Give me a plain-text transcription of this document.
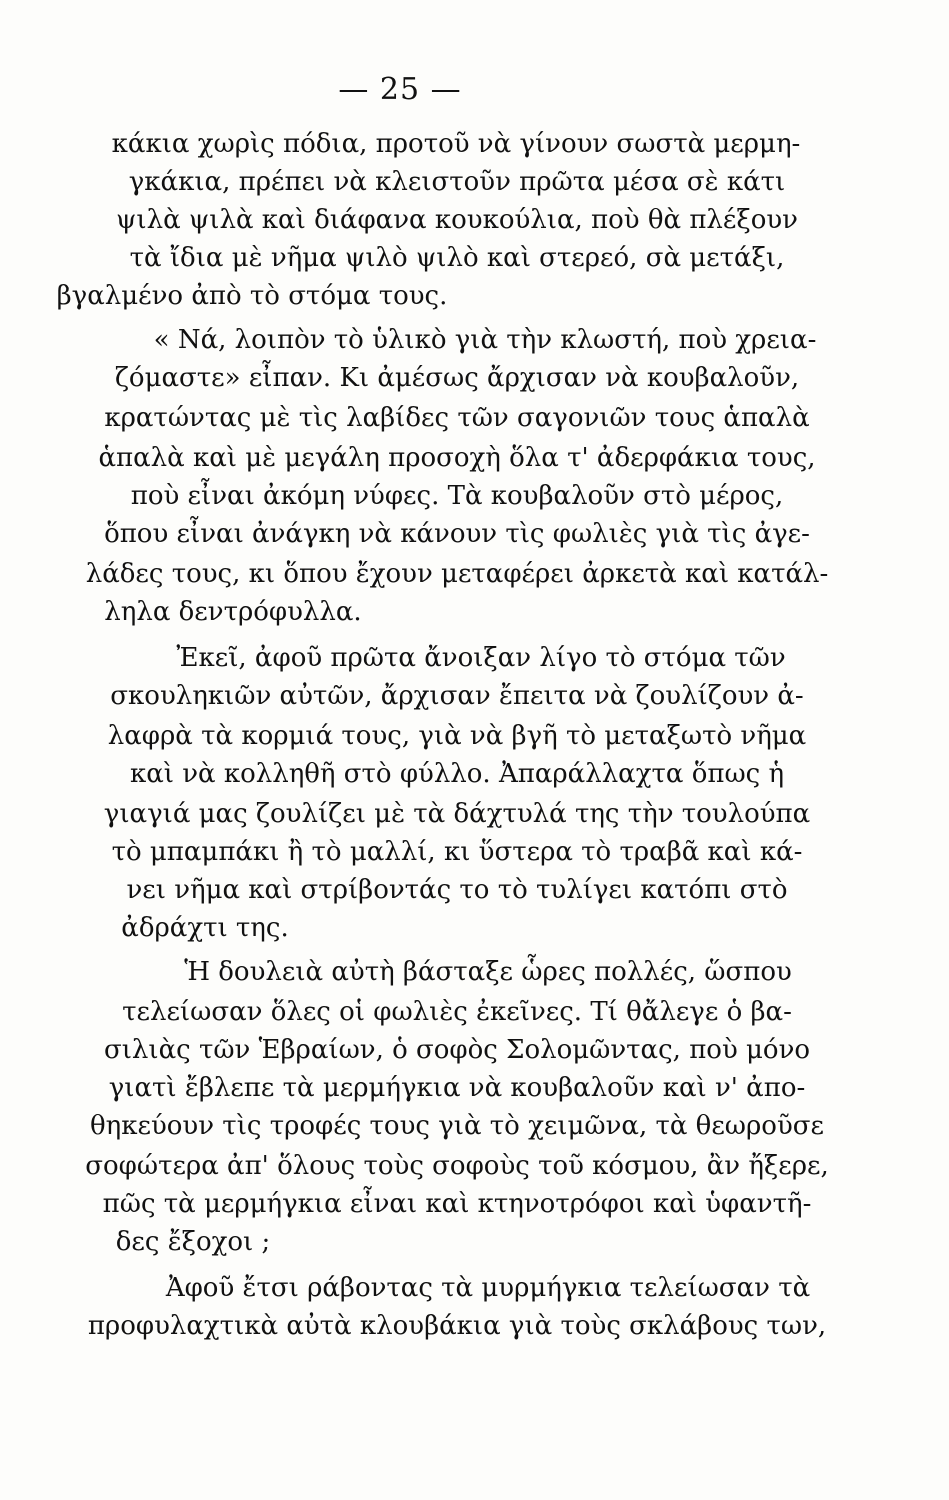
— 25 —
κάκια χωρὶς πόδια, προτοῦ νὰ γίνουν σωστὰ μερμη-
γκάκια, πρέπει νὰ κλειστοῦν πρῶτα μέσα σὲ κάτι
ψιλὰ ψιλὰ καὶ διάφανα κουκούλια, ποὺ θὰ πλέξουν
τὰ ἴδια μὲ νῆμα ψιλὸ ψιλὸ καὶ στερεό, σὰ μετάξι,
βγαλμένο ἀπὸ τὸ στόμα τους.
« Νά, λοιπὸν τὸ ὑλικὸ γιὰ τὴν κλωστή, ποὺ χρεια-
ζόμαστε» εἶπαν. Κι ἀμέσως ἄρχισαν νὰ κουβαλοῦν,
κρατώντας μὲ τὶς λαβίδες τῶν σαγονιῶν τους ἁπαλὰ
ἁπαλὰ καὶ μὲ μεγάλη προσοχὴ ὅλα τ' ἀδερφάκια τους,
ποὺ εἶναι ἀκόμη νύφες. Τὰ κουβαλοῦν στὸ μέρος,
ὅπου εἶναι ἀνάγκη νὰ κάνουν τὶς φωλιὲς γιὰ τὶς ἀγε-
λάδες τους, κι ὅπου ἔχουν μεταφέρει ἀρκετὰ καὶ κατάλ-
ληλα δεντρόφυλλα.
Ἐκεῖ, ἀφοῦ πρῶτα ἄνοιξαν λίγο τὸ στόμα τῶν
σκουληκιῶν αὐτῶν, ἄρχισαν ἔπειτα νὰ ζουλίζουν ἀ-
λαφρὰ τὰ κορμιά τους, γιὰ νὰ βγῆ τὸ μεταξωτὸ νῆμα
καὶ νὰ κολληθῆ στὸ φύλλο. Ἀπαράλλαχτα ὅπως ἡ
γιαγιά μας ζουλίζει μὲ τὰ δάχτυλά της τὴν τουλούπα
τὸ μπαμπάκι ἢ τὸ μαλλί, κι ὕστερα τὸ τραβᾶ καὶ κά-
νει νῆμα καὶ στρίβοντάς το τὸ τυλίγει κατόπι στὸ
ἀδράχτι της.
Ἡ δουλειὰ αὐτὴ βάσταξε ὧρες πολλές, ὥσπου
τελείωσαν ὅλες οἱ φωλιὲς ἐκεῖνες. Τί θἄλεγε ὁ βα-
σιλιὰς τῶν Ἑβραίων, ὁ σοφὸς Σολομῶντας, ποὺ μόνο
γιατὶ ἔβλεπε τὰ μερμήγκια νὰ κουβαλοῦν καὶ ν' ἀπο-
θηκεύουν τὶς τροφές τους γιὰ τὸ χειμῶνα, τὰ θεωροῦσε
σοφώτερα ἀπ' ὅλους τοὺς σοφοὺς τοῦ κόσμου, ἂν ἤξερε,
πῶς τὰ μερμήγκια εἶναι καὶ κτηνοτρόφοι καὶ ὑφαντῆ-
δες ἔξοχοι ;
Ἀφοῦ ἔτσι ράβοντας τὰ μυρμήγκια τελείωσαν τὰ
προφυλαχτικὰ αὐτὰ κλουβάκια γιὰ τοὺς σκλάβους των,
